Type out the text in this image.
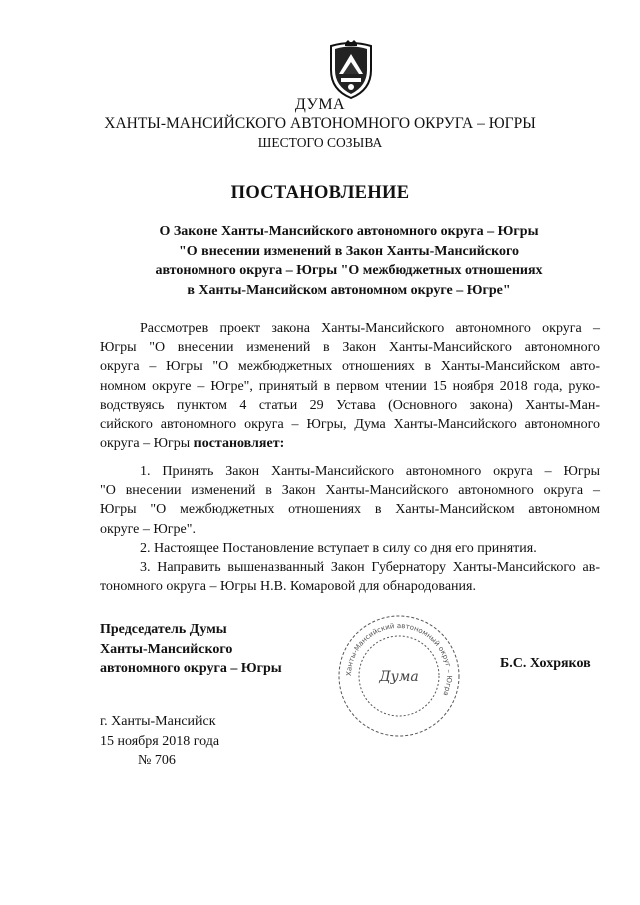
ДУМА
ХАНТЫ-МАНСИЙСКОГО АВТОНОМНОГО ОКРУГА – ЮГРЫ
ШЕСТОГО СОЗЫВА
ПОСТАНОВЛЕНИЕ
О Законе Ханты-Мансийского автономного округа – Югры
"О внесении изменений в Закон Ханты-Мансийского
автономного округа – Югры "О межбюджетных отношениях
в Ханты-Мансийском автономном округе – Югре"
Рассмотрев проект закона Ханты-Мансийского автономного округа –
Югры "О внесении изменений в Закон Ханты-Мансийского автономного
округа – Югры "О межбюджетных отношениях в Ханты-Мансийском авто-
номном округе – Югре", принятый в первом чтении 15 ноября 2018 года, руко-
водствуясь пунктом 4 статьи 29 Устава (Основного закона) Ханты-Ман-
сийского автономного округа – Югры, Дума Ханты-Мансийского автономного
округа – Югры постановляет:
1. Принять Закон Ханты-Мансийского автономного округа – Югры
"О внесении изменений в Закон Ханты-Мансийского автономного округа –
Югры "О межбюджетных отношениях в Ханты-Мансийском автономном
округе – Югре".
2. Настоящее Постановление вступает в силу со дня его принятия.
3. Направить вышеназванный Закон Губернатору Ханты-Мансийского ав-
тономного округа – Югры Н.В. Комаровой для обнародования.
Председатель Думы
Ханты-Мансийского
автономного округа – Югры	Ханты-Мансийский автономный округ – Югра
Дума
Б.С. Хохряков
г. Ханты-Мансийск
15 ноября 2018 года
№ 706
